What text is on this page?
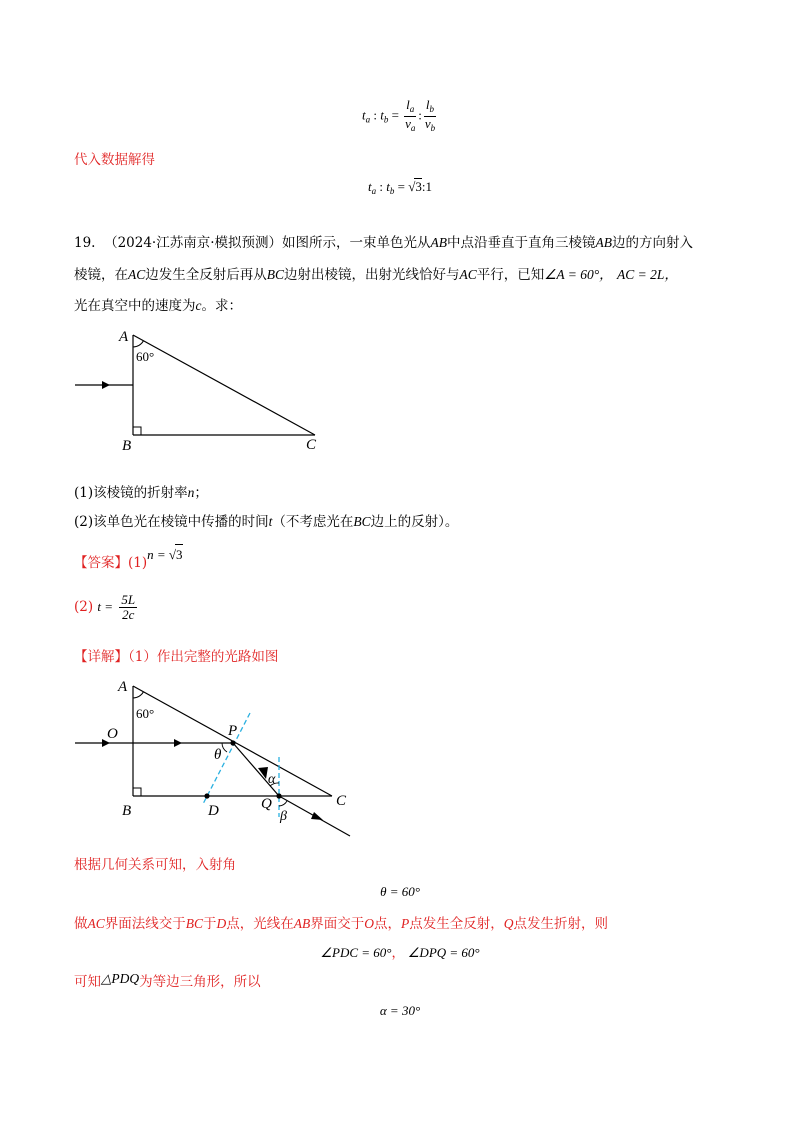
$t_a$ : $t_b = \frac{l_a}{v_a}$ : $\frac{l_b}{v_b}$
代入数据解得
$t_a$ : $t_b$ = √3:1
19. （2024·江苏南京·模拟预测）如图所示，一束单色光从AB中点沿垂直于直角三棱镜AB边的方向射入
棱镜，在AC边发生全反射后再从BC边射出棱镜，出射光线恰好与AC平行，已知∠A = 60°， AC = 2L，
光在真空中的速度为c。求：
A
60°
B	C
(1)该棱镜的折射率n；
(2)该单色光在棱镜中传播的时间t（不考虑光在BC边上的反射）。
【答案】(1)n = √3
(2) $t = \frac{5L}{2c}$
【详解】（1）作出完整的光路如图
A
60°
O	P
θ
α
B	D	Q
β
C
根据几何关系可知，入射角
θ = 60°
做AC界面法线交于BC于D点，光线在AB界面交于O点，P点发生全反射，Q点发生折射，则
∠PDC = 60°， ∠DPQ = 60°
可知△PDQ为等边三角形，所以
α = 30°
